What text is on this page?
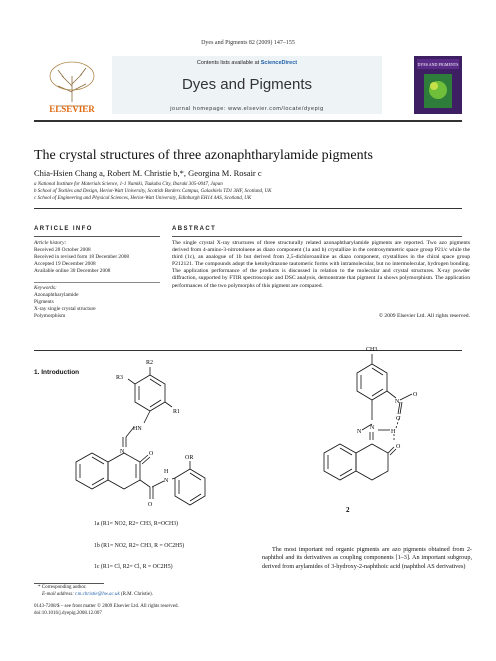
Dyes and Pigments 82 (2009) 147–155
ELSEVIER
Contents lists available at ScienceDirect
Dyes and Pigments
journal homepage: www.elsevier.com/locate/dyepig
DYES AND PIGMENTS
The crystal structures of three azonaphtharylamide pigments
Chia-Hsien Chang a, Robert M. Christie b,*, Georgina M. Rosair c
a National Institute for Materials Science, 1-1 Namiki, Tsukuba City, Ibaraki 305-0047, Japan
b School of Textiles and Design, Heriot-Watt University, Scottish Borders Campus, Galashiels TD1 3HF, Scotland, UK
c School of Engineering and Physical Sciences, Heriot-Watt University, Edinburgh EH14 4AS, Scotland, UK
ARTICLE INFO	ABSTRACT
Article history:
Received 28 October 2008
Received in revised form 18 December 2008
Accepted 19 December 2008
Available online 30 December 2008
Keywords:
Azonaphtharylamide
Pigments
X-ray single crystal structure
Polymorphism
The single crystal X-ray structures of three structurally related azonaphtharylamide pigments are reported. Two azo pigments derived from 4-amino-3-nitrotoluene as diazo component (1a and b) crystallize in the centrosymmetric space group P21/c while the third (1c), an analogue of 1b but derived from 2,5-dichloroaniline as diazo component, crystallizes in the chiral space group P212121. The compounds adopt the ketohydrazone tautomeric forms with intramolecular, but no intermolecular, hydrogen bonding. The application performance of the products is discussed in relation to the molecular and crystal structures. X-ray powder diffraction, supported by FTIR spectroscopic and DSC analysis, demonstrate that pigment 1a shows polymorphism. The application performances of the two polymorphs of this pigment are compared.
© 2009 Elsevier Ltd. All rights reserved.
1. Introduction
R2
R3
R1
HN
N	O
O
N
H
OR
1a (R1= NO2, R2= CH3, R=OCH3)
1b (R1= NO2, R2= CH3, R = OC2H5)
1c (R1= Cl, R2= Cl, R = OC2H5)
CH3
N
O
O
N
N
H
O
2
The most important red organic pigments are azo pigments obtained from 2-naphthol and its derivatives as coupling components [1–3]. An important subgroup, derived from arylamides of 3-hydroxy-2-naphthoic acid (naphthol AS derivatives)
* Corresponding author.
E-mail address: r.m.christie@hw.ac.uk (R.M. Christie).
0143-7208/$ – see front matter © 2009 Elsevier Ltd. All rights reserved.
doi:10.1016/j.dyepig.2008.12.007
